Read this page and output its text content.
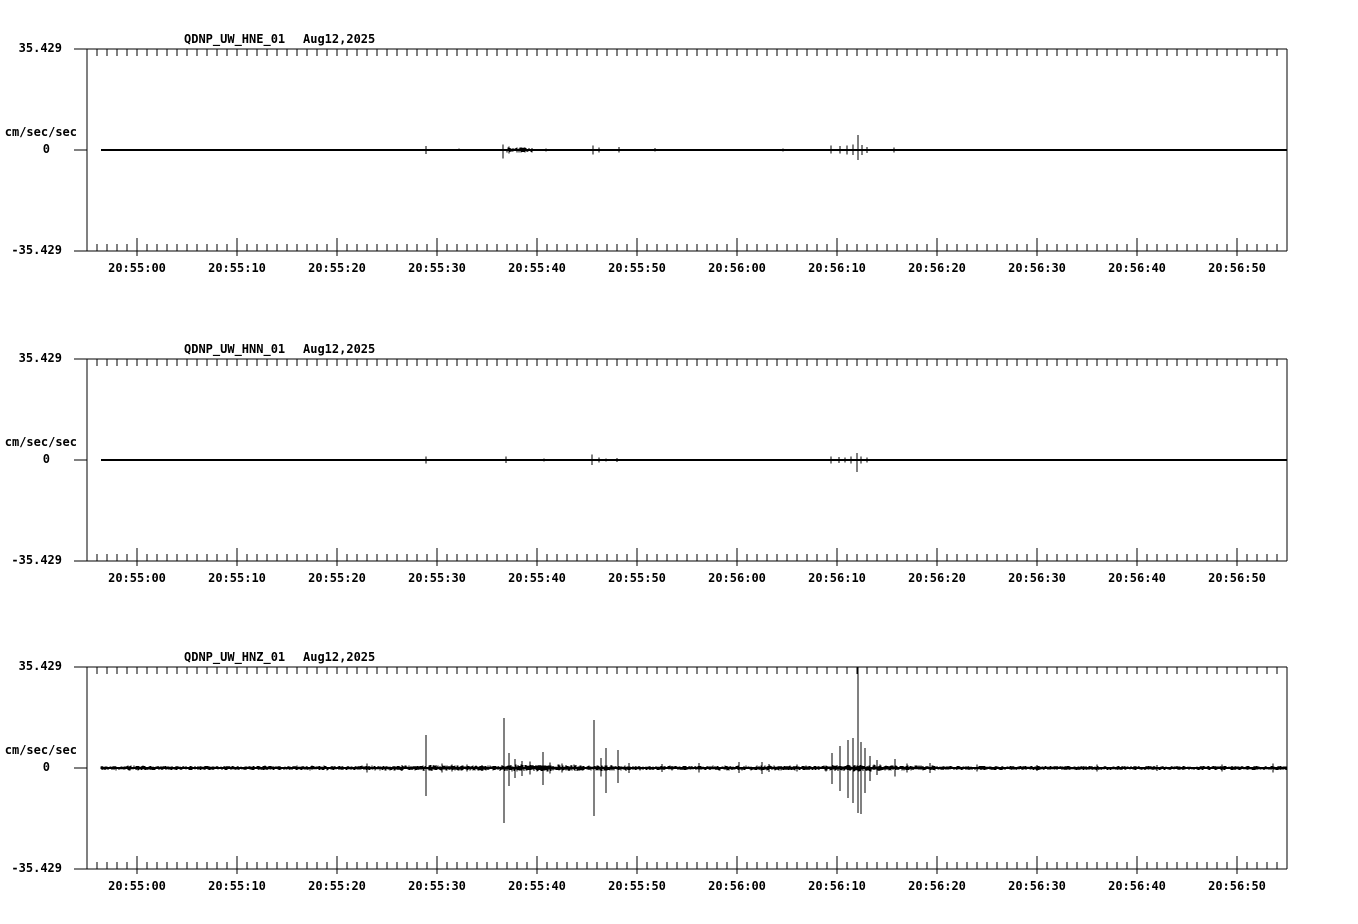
QDNP_UW_HNE_01 Aug12,2025
35.429
cm/sec/sec
0
-35.429
20:55:00	20:55:10	20:55:20	20:55:30	20:55:40	20:55:50	20:56:00	20:56:10	20:56:20	20:56:30	20:56:40	20:56:50
QDNP_UW_HNN_01 Aug12,2025
35.429
cm/sec/sec
0
-35.429
20:55:00	20:55:10	20:55:20	20:55:30	20:55:40	20:55:50	20:56:00	20:56:10	20:56:20	20:56:30	20:56:40	20:56:50
QDNP_UW_HNZ_01 Aug12,2025
35.429
cm/sec/sec
0
-35.429
20:55:00	20:55:10	20:55:20	20:55:30	20:55:40	20:55:50	20:56:00	20:56:10	20:56:20	20:56:30	20:56:40	20:56:50
